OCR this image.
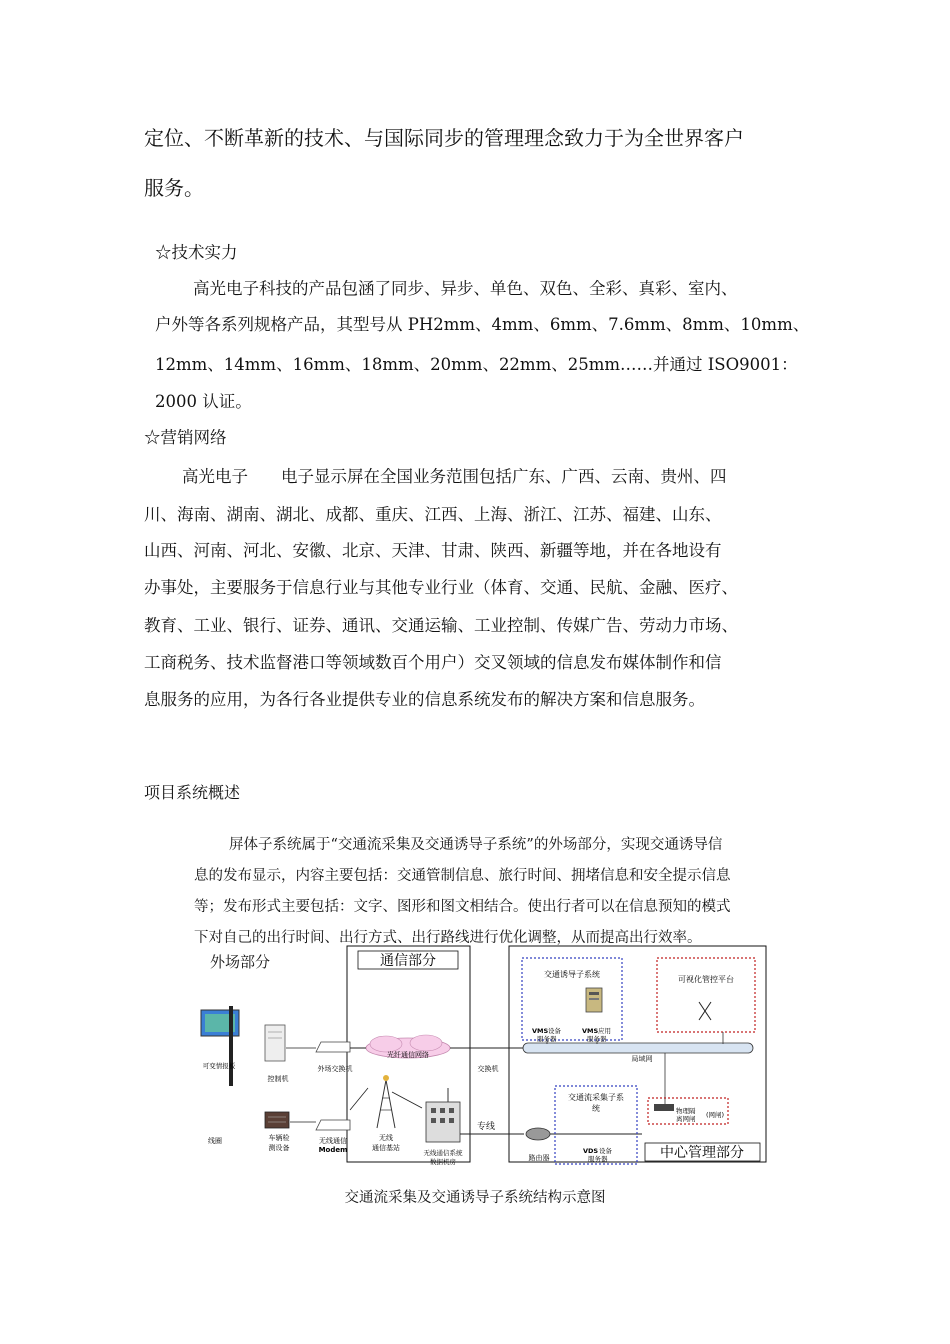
定位、不断革新的技术、与国际同步的管理理念致力于为全世界客户

服务。

☆技术实力

高光电子科技的产品包涵了同步、异步、单色、双色、全彩、真彩、室内、

户外等各系列规格产品，其型号从 PH2mm、4mm、6mm、7.6mm、8mm、10mm、

12mm、14mm、16mm、18mm、20mm、22mm、25mm……并通过 ISO9001：

2000 认证。

☆营销网络

高光电子　　电子显示屏在全国业务范围包括广东、广西、云南、贵州、四

川、海南、湖南、湖北、成都、重庆、江西、上海、浙江、江苏、福建、山东、

山西、河南、河北、安徽、北京、天津、甘肃、陕西、新疆等地，并在各地设有

办事处，主要服务于信息行业与其他专业行业（体育、交通、民航、金融、医疗、

教育、工业、银行、证券、通讯、交通运输、工业控制、传媒广告、劳动力市场、

工商税务、技术监督港口等领域数百个用户）交叉领域的信息发布媒体制作和信

息服务的应用，为各行各业提供专业的信息系统发布的解决方案和信息服务。

项目系统概述

屏体子系统属于“交通流采集及交通诱导子系统”的外场部分，实现交通诱导信

息的发布显示，内容主要包括：交通管制信息、旅行时间、拥堵信息和安全提示信息

等；发布形式主要包括：文字、图形和图文相结合。使出行者可以在信息预知的模式

下对自己的出行时间、出行方式、出行路线进行优化调整，从而提高出行效率。

外场部分	通信部分
中心管理部分
交通诱导子系统
VMS 设备
服务器
VMS 应用
服务器
可视化管控平台
局域网
光纤通信网络
外场交换机	交换机
可变情报板
控制机
线圈	车辆检
测设备
无线通信
Modem
无线
通信基站
无线通信系统
数据机房
专线
路由器
交通流采集子系
统
VDS 设备
服务器
物理隔
离网闸 (网闸)

交通流采集及交通诱导子系统结构示意图
